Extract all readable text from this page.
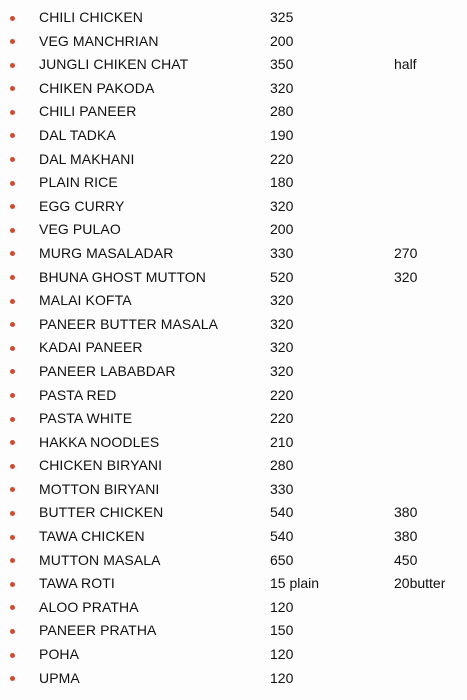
CHILI CHICKEN	325
VEG MANCHRIAN	200
JUNGLI CHIKEN CHAT	350	half
CHIKEN PAKODA	320
CHILI PANEER	280
DAL TADKA	190
DAL MAKHANI	220
PLAIN RICE	180
EGG CURRY	320
VEG PULAO	200
MURG MASALADAR	330	270
BHUNA GHOST MUTTON	520	320
MALAI KOFTA	320
PANEER BUTTER MASALA	320
KADAI PANEER	320
PANEER LABABDAR	320
PASTA RED	220
PASTA WHITE	220
HAKKA NOODLES	210
CHICKEN BIRYANI	280
MOTTON BIRYANI	330
BUTTER CHICKEN	540	380
TAWA CHICKEN	540	380
MUTTON MASALA	650	450
TAWA ROTI	15 plain	20butter
ALOO PRATHA	120
PANEER PRATHA	150
POHA	120
UPMA	120
